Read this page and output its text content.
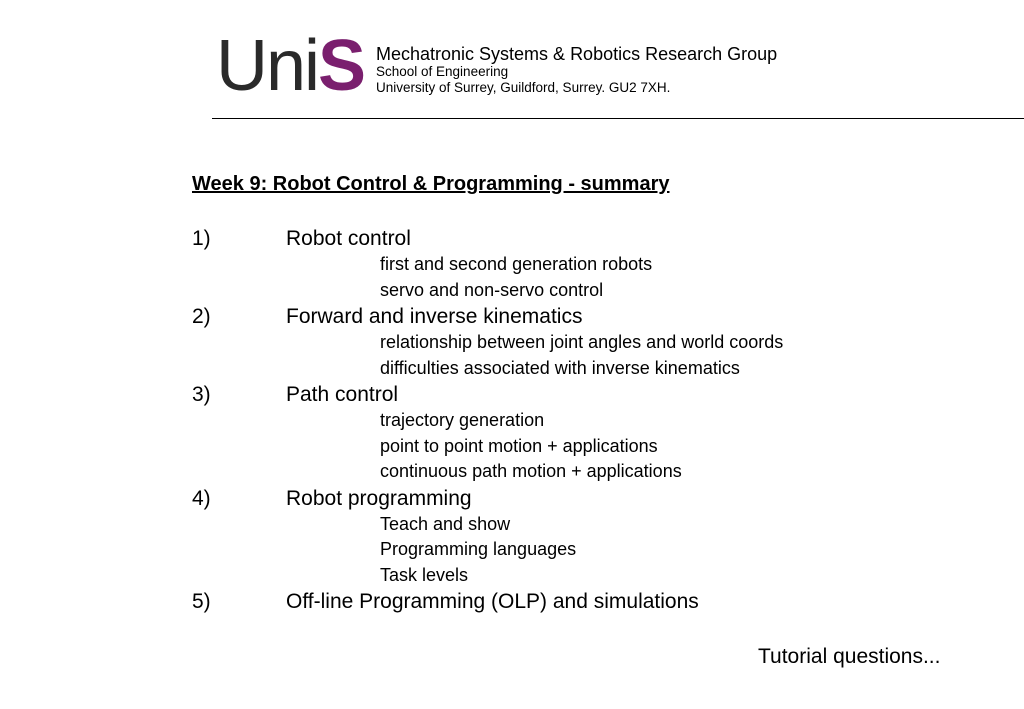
UniS Mechatronic Systems & Robotics Research Group
School of Engineering
University of Surrey, Guildford, Surrey. GU2 7XH.
Week 9: Robot Control & Programming - summary
1)	Robot control
first and second generation robots
servo and non-servo control
2)	Forward and inverse kinematics
relationship between joint angles and world coords
difficulties associated with inverse kinematics
3)	Path control
trajectory generation
point to point motion + applications
continuous path motion + applications
4)	Robot programming
Teach and show
Programming languages
Task levels
5)	Off-line Programming (OLP) and simulations
Tutorial questions...
